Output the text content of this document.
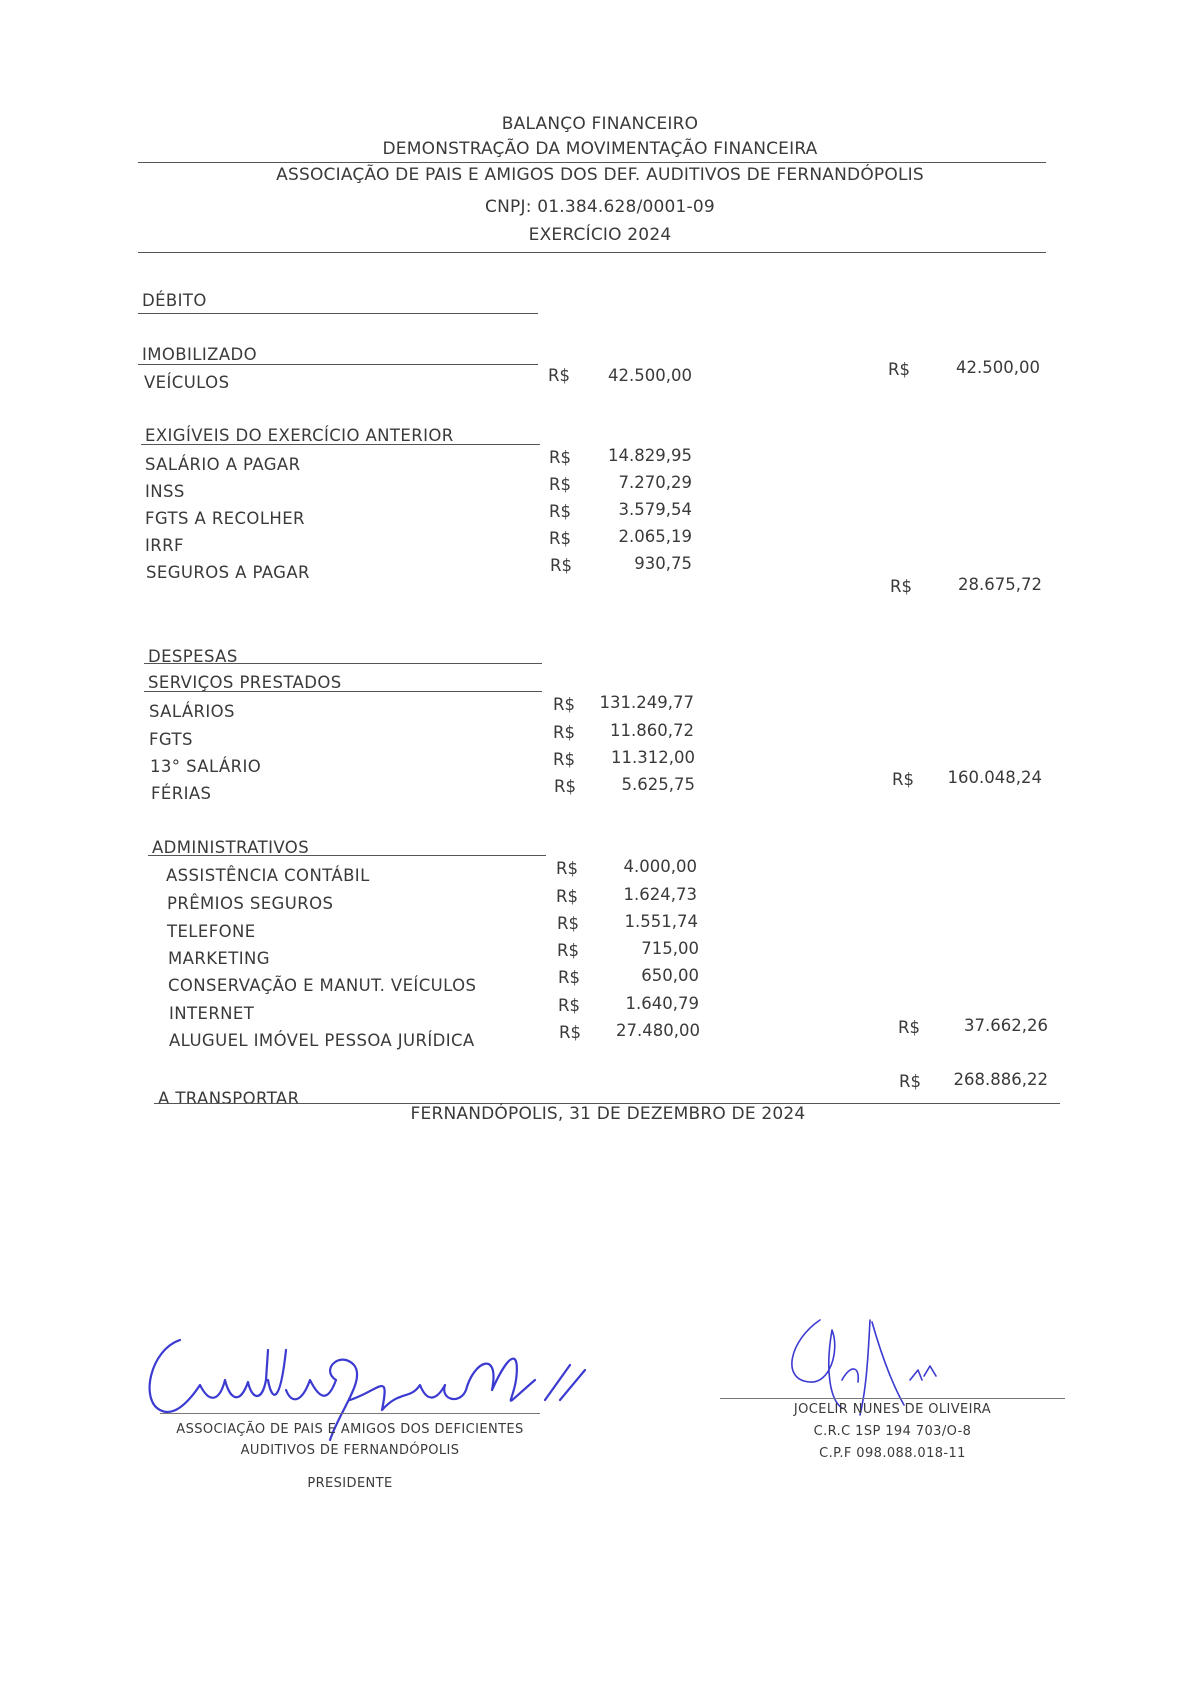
BALANÇO FINANCEIRO
DEMONSTRAÇÃO DA MOVIMENTAÇÃO FINANCEIRA
ASSOCIAÇÃO DE PAIS E AMIGOS DOS DEF. AUDITIVOS DE FERNANDÓPOLIS
CNPJ: 01.384.628/0001-09
EXERCÍCIO 2024
DÉBITO
IMOBILIZADO
VEÍCULOS	R$	42.500,00	R$	42.500,00
EXIGÍVEIS DO EXERCÍCIO ANTERIOR
SALÁRIO A PAGAR	R$	14.829,95
INSS	R$	7.270,29
FGTS A RECOLHER	R$	3.579,54
IRRF	R$	2.065,19
SEGUROS A PAGAR	R$	930,75
R$	28.675,72
DESPESAS
SERVIÇOS PRESTADOS
SALÁRIOS	R$	131.249,77
FGTS	R$	11.860,72
13° SALÁRIO	R$	11.312,00
FÉRIAS	R$	5.625,75	R$	160.048,24
ADMINISTRATIVOS
ASSISTÊNCIA CONTÁBIL	R$	4.000,00
PRÊMIOS SEGUROS	R$	1.624,73
TELEFONE	R$	1.551,74
MARKETING	R$	715,00
CONSERVAÇÃO E MANUT. VEÍCULOS	R$	650,00
INTERNET	R$	1.640,79
ALUGUEL IMÓVEL PESSOA JURÍDICA	R$	27.480,00	R$	37.662,26
R$	268.886,22
A TRANSPORTAR
FERNANDÓPOLIS, 31 DE DEZEMBRO DE 2024
ASSOCIAÇÃO DE PAIS E AMIGOS DOS DEFICIENTES
AUDITIVOS DE FERNANDÓPOLIS
PRESIDENTE
JOCELIR NUNES DE OLIVEIRA
C.R.C 1SP 194 703/O-8
C.P.F 098.088.018-11
